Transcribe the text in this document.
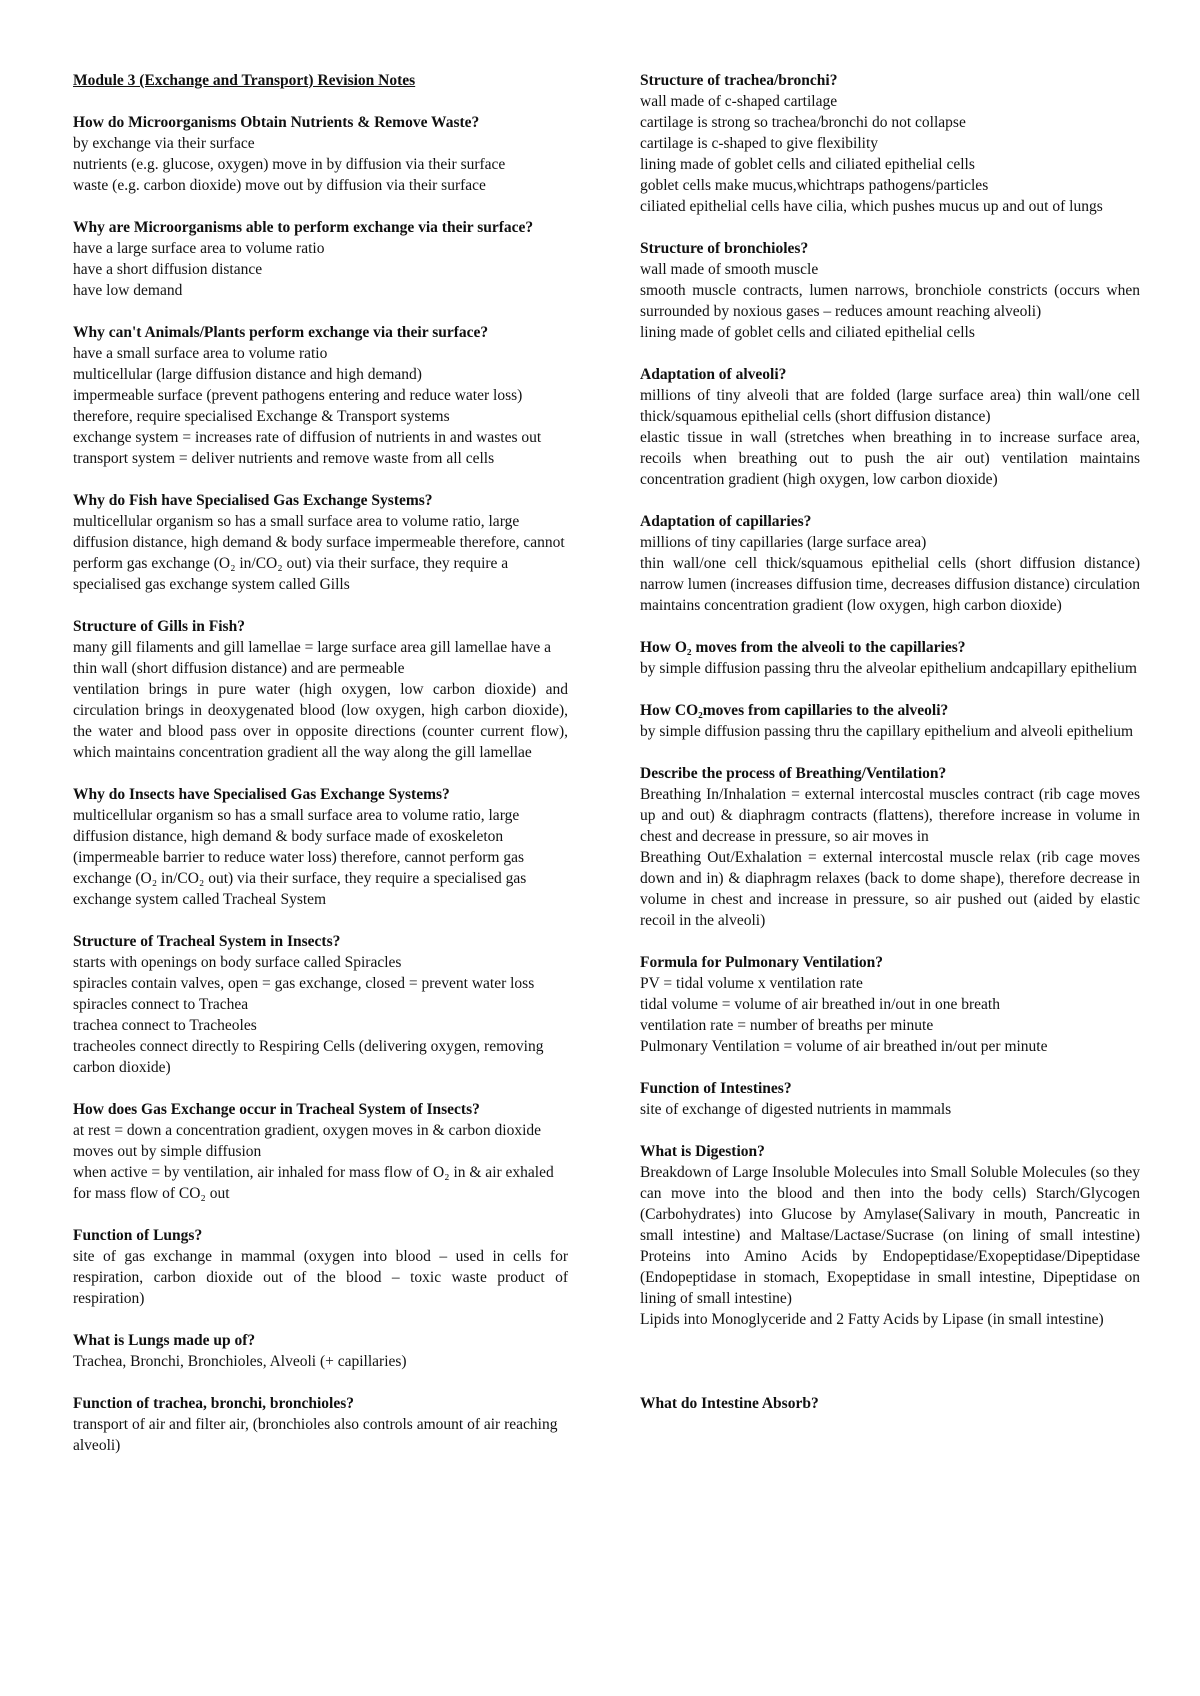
Module 3 (Exchange and Transport) Revision Notes
How do Microorganisms Obtain Nutrients & Remove Waste?

by exchange via their surface

nutrients (e.g. glucose, oxygen) move in by diffusion via their surface

waste (e.g. carbon dioxide) move out by diffusion via their surface

Why are Microorganisms able to perform exchange via their surface?

have a large surface area to volume ratio

have a short diffusion distance

have low demand

Why can't Animals/Plants perform exchange via their surface?

have a small surface area to volume ratio

multicellular (large diffusion distance and high demand)

impermeable surface (prevent pathogens entering and reduce water loss) therefore, require specialised Exchange & Transport systems

exchange system = increases rate of diffusion of nutrients in and wastes out

transport system = deliver nutrients and remove waste from all cells

Why do Fish have Specialised Gas Exchange Systems?

multicellular organism so has a small surface area to volume ratio, large diffusion distance, high demand & body surface impermeable therefore, cannot perform gas exchange (O₂ in/CO₂ out) via their surface, they require a specialised gas exchange system called Gills

Structure of Gills in Fish?

many gill filaments and gill lamellae = large surface area gill lamellae have a thin wall (short diffusion distance) and are permeable

ventilation brings in pure water (high oxygen, low carbon dioxide) and circulation brings in deoxygenated blood (low oxygen, high carbon dioxide), the water and blood pass over in opposite directions (counter current flow), which maintains concentration gradient all the way along the gill lamellae

Why do Insects have Specialised Gas Exchange Systems?

multicellular organism so has a small surface area to volume ratio, large diffusion distance, high demand & body surface made of exoskeleton (impermeable barrier to reduce water loss) therefore, cannot perform gas exchange (O₂ in/CO₂ out) via their surface, they require a specialised gas exchange system called Tracheal System

Structure of Tracheal System in Insects?

starts with openings on body surface called Spiracles

spiracles contain valves, open = gas exchange, closed = prevent water loss

spiracles connect to Trachea

trachea connect to Tracheoles

tracheoles connect directly to Respiring Cells (delivering oxygen, removing carbon dioxide)

How does Gas Exchange occur in Tracheal System of Insects?

at rest = down a concentration gradient, oxygen moves in & carbon dioxide moves out by simple diffusion

when active = by ventilation, air inhaled for mass flow of O₂ in & air exhaled for mass flow of CO₂ out

Function of Lungs?

site of gas exchange in mammal (oxygen into blood – used in cells for respiration, carbon dioxide out of the blood – toxic waste product of respiration)

What is Lungs made up of?

Trachea, Bronchi, Bronchioles, Alveoli (+ capillaries)

Function of trachea, bronchi, bronchioles?

transport of air and filter air, (bronchioles also controls amount of air reaching alveoli)

Structure of trachea/bronchi?

wall made of c-shaped cartilage

cartilage is strong so trachea/bronchi do not collapse

cartilage is c-shaped to give flexibility

lining made of goblet cells and ciliated epithelial cells

goblet cells make mucus,whichtraps pathogens/particles

ciliated epithelial cells have cilia, which pushes mucus up and out of lungs

Structure of bronchioles?

wall made of smooth muscle

smooth muscle contracts, lumen narrows, bronchiole constricts (occurs when surrounded by noxious gases – reduces amount reaching alveoli)

lining made of goblet cells and ciliated epithelial cells

Adaptation of alveoli?

millions of tiny alveoli that are folded (large surface area) thin wall/one cell thick/squamous epithelial cells (short diffusion distance)

elastic tissue in wall (stretches when breathing in to increase surface area, recoils when breathing out to push the air out) ventilation maintains concentration gradient (high oxygen, low carbon dioxide)

Adaptation of capillaries?

millions of tiny capillaries (large surface area)

thin wall/one cell thick/squamous epithelial cells (short diffusion distance) narrow lumen (increases diffusion time, decreases diffusion distance) circulation maintains concentration gradient (low oxygen, high carbon dioxide)

How O₂ moves from the alveoli to the capillaries?

by simple diffusion passing thru the alveolar epithelium andcapillary epithelium

How CO₂moves from capillaries to the alveoli?

by simple diffusion passing thru the capillary epithelium and alveoli epithelium

Describe the process of Breathing/Ventilation?

Breathing In/Inhalation = external intercostal muscles contract (rib cage moves up and out) & diaphragm contracts (flattens), therefore increase in volume in chest and decrease in pressure, so air moves in

Breathing Out/Exhalation = external intercostal muscle relax (rib cage moves down and in) & diaphragm relaxes (back to dome shape), therefore decrease in volume in chest and increase in pressure, so air pushed out (aided by elastic recoil in the alveoli)

Formula for Pulmonary Ventilation?

PV = tidal volume x ventilation rate

tidal volume = volume of air breathed in/out in one breath

ventilation rate = number of breaths per minute

Pulmonary Ventilation = volume of air breathed in/out per minute

Function of Intestines?

site of exchange of digested nutrients in mammals

What is Digestion?

Breakdown of Large Insoluble Molecules into Small Soluble Molecules (so they can move into the blood and then into the body cells) Starch/Glycogen (Carbohydrates) into Glucose by Amylase(Salivary in mouth, Pancreatic in small intestine) and Maltase/Lactase/Sucrase (on lining of small intestine) Proteins into Amino Acids by Endopeptidase/Exopeptidase/Dipeptidase (Endopeptidase in stomach, Exopeptidase in small intestine, Dipeptidase on lining of small intestine)

Lipids into Monoglyceride and 2 Fatty Acids by Lipase (in small intestine)

What do Intestine Absorb?
